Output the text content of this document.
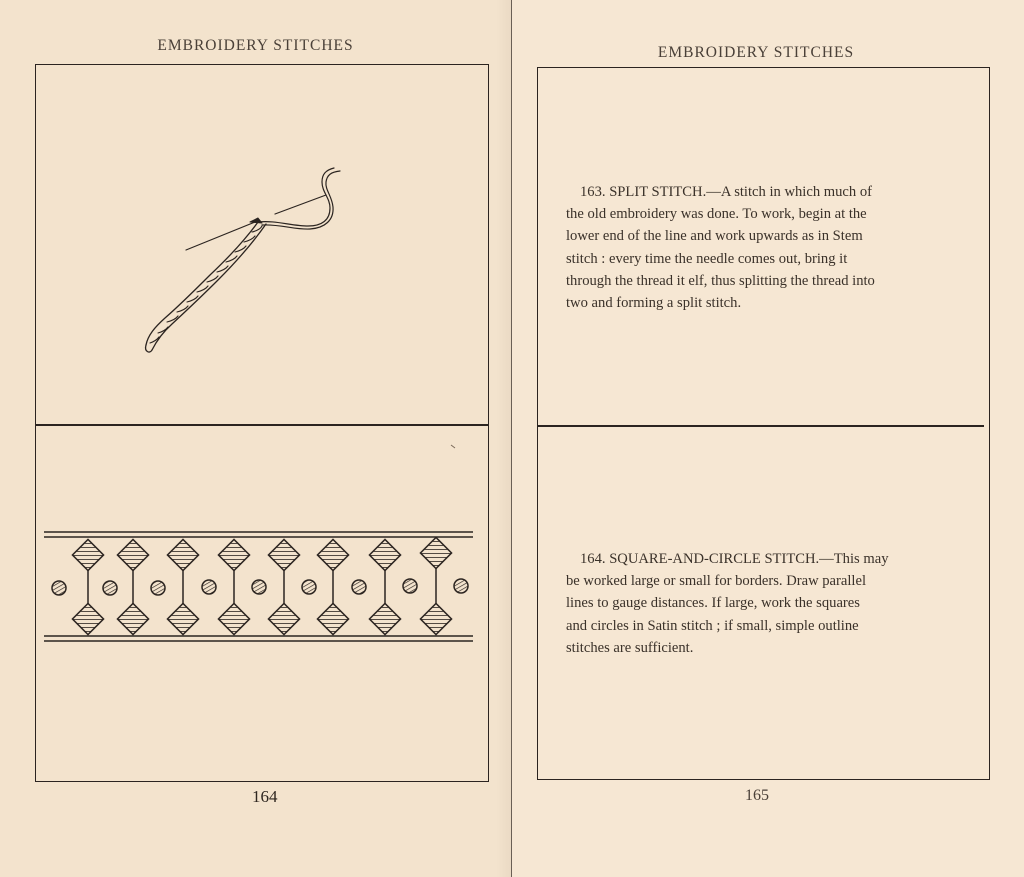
EMBROIDERY STITCHES
164
EMBROIDERY STITCHES
163. SPLIT STITCH.—A stitch in which much of
the old embroidery was done. To work, begin at the
lower end of the line and work upwards as in Stem
stitch : every time the needle comes out, bring it
through the thread it elf, thus splitting the thread into
two and forming a split stitch.
164. SQUARE-AND-CIRCLE STITCH.—This may
be worked large or small for borders. Draw parallel
lines to gauge distances. If large, work the squares
and circles in Satin stitch ; if small, simple outline
stitches are sufficient.
165
